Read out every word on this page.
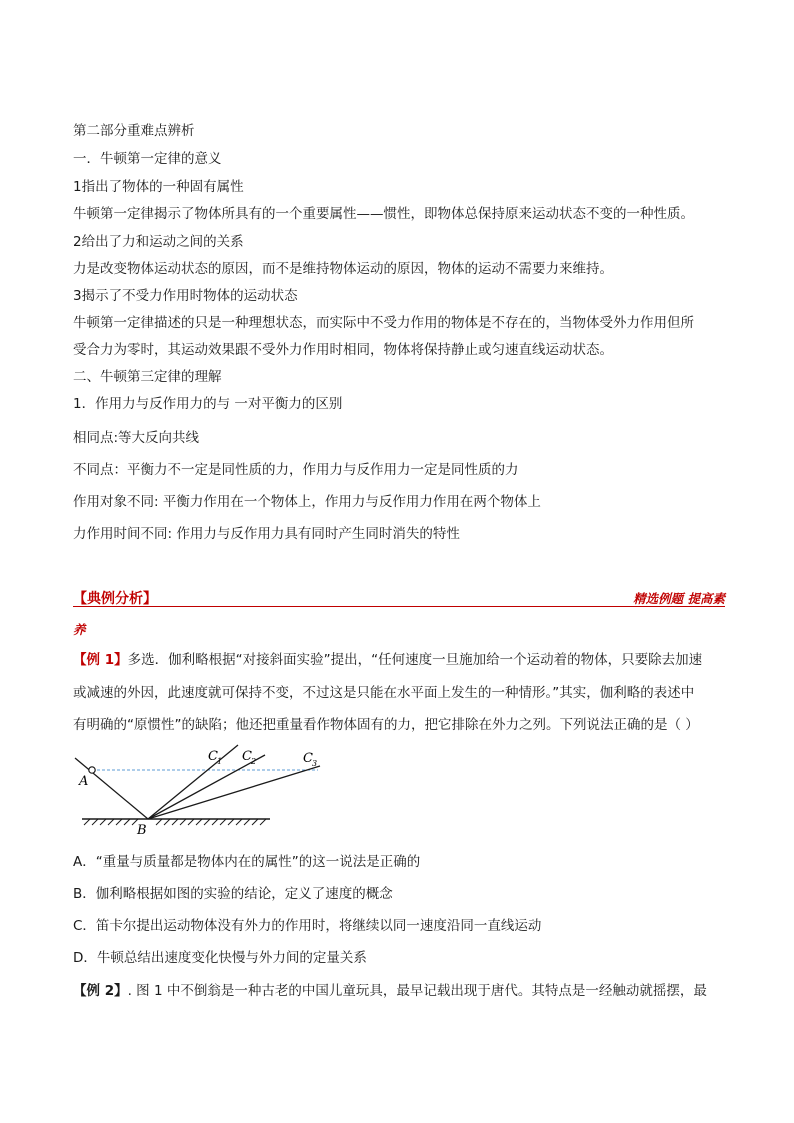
第二部分重难点辨析
一．牛顿第一定律的意义
1指出了物体的一种固有属性
牛顿第一定律揭示了物体所具有的一个重要属性——惯性，即物体总保持原来运动状态不变的一种性质。
2给出了力和运动之间的关系
力是改变物体运动状态的原因，而不是维持物体运动的原因，物体的运动不需要力来维持。
3揭示了不受力作用时物体的运动状态
牛顿第一定律描述的只是一种理想状态，而实际中不受力作用的物体是不存在的，当物体受外力作用但所
受合力为零时，其运动效果跟不受外力作用时相同，物体将保持静止或匀速直线运动状态。
二、牛顿第三定律的理解
1．作用力与反作用力的与 一对平衡力的区别
相同点:等大反向共线
不同点：平衡力不一定是同性质的力，作用力与反作用力一定是同性质的力
作用对象不同: 平衡力作用在一个物体上，作用力与反作用力作用在两个物体上
力作用时间不同: 作用力与反作用力具有同时产生同时消失的特性
【典例分析】	精选例题 提高素
养
【例 1】多选．伽利略根据“对接斜面实验”提出，“任何速度一旦施加给一个运动着的物体，只要除去加速
或减速的外因，此速度就可保持不变，不过这是只能在水平面上发生的一种情形。”其实，伽利略的表述中
有明确的“原惯性”的缺陷；他还把重量看作物体固有的力，把它排除在外力之列。下列说法正确的是（ ）
A
B
C 1 C 2	C 3
A．“重量与质量都是物体内在的属性”的这一说法是正确的
B．伽利略根据如图的实验的结论，定义了速度的概念
C．笛卡尔提出运动物体没有外力的作用时，将继续以同一速度沿同一直线运动
D．牛顿总结出速度变化快慢与外力间的定量关系
【例 2】. 图 1 中不倒翁是一种古老的中国儿童玩具，最早记载出现于唐代。其特点是一经触动就摇摆，最
